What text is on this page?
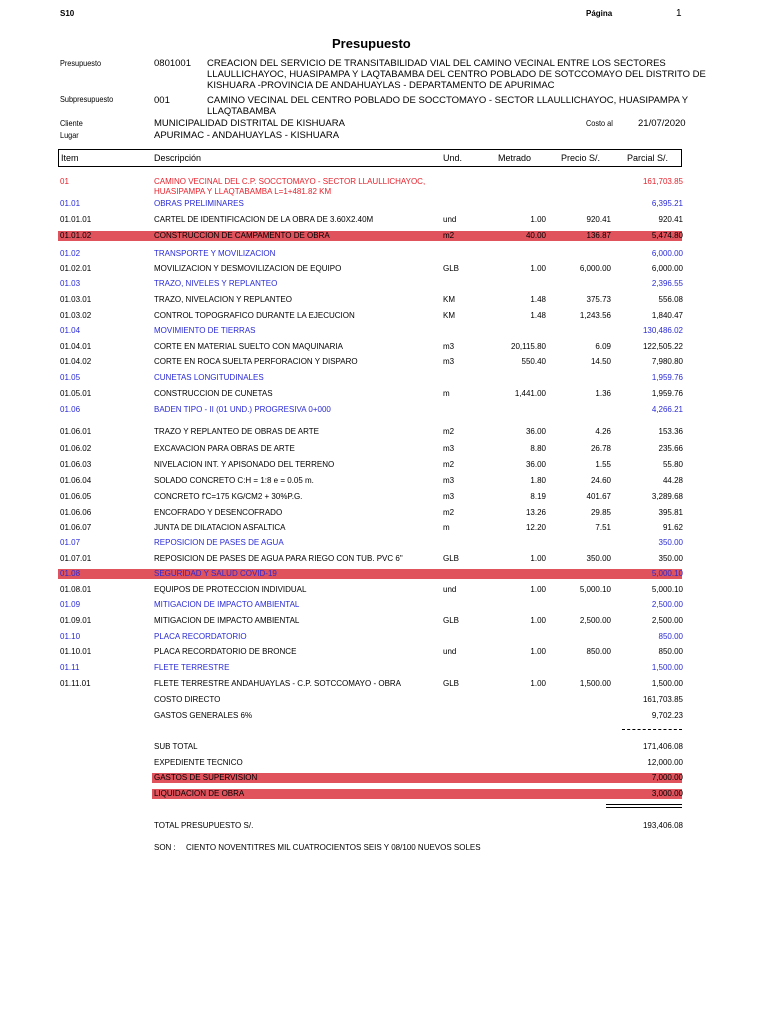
S10	Página	1
Presupuesto
Presupuesto	0801001 CREACION DEL SERVICIO DE TRANSITABILIDAD VIAL DEL CAMINO VECINAL ENTRE LOS SECTORES
LLAULLICHAYOC, HUASIPAMPA Y LAQTABAMBA DEL CENTRO POBLADO DE SOTCCOMAYO DEL DISTRITO DE
KISHUARA -PROVINCIA DE ANDAHUAYLAS - DEPARTAMENTO DE APURIMAC
Subpresupuesto	001	CAMINO VECINAL DEL CENTRO POBLADO DE SOCCTOMAYO - SECTOR LLAULLICHAYOC, HUASIPAMPA Y
LLAQTABAMBA
Cliente	MUNICIPALIDAD DISTRITAL DE KISHUARA	Costo al	21/07/2020
Lugar	APURIMAC - ANDAHUAYLAS - KISHUARA
Item	Descripción	Und.	Metrado	Precio S/.	Parcial S/.
01	CAMINO VECINAL DEL C.P. SOCCTOMAYO - SECTOR LLAULLICHAYOC,	161,703.85
HUASIPAMPA Y LLAQTABAMBA L=1+481.82 KM
01.01	OBRAS PRELIMINARES	6,395.21
01.01.01	CARTEL DE IDENTIFICACION DE LA OBRA DE 3.60X2.40M	und	1.00	920.41	920.41
01.01.02	CONSTRUCCION DE CAMPAMENTO DE OBRA	m2	40.00	136.87	5,474.80
01.02	TRANSPORTE Y MOVILIZACION	6,000.00
01.02.01	MOVILIZACION Y DESMOVILIZACION DE EQUIPO	GLB	1.00	6,000.00	6,000.00
01.03	TRAZO, NIVELES Y REPLANTEO	2,396.55
01.03.01	TRAZO, NIVELACION Y REPLANTEO	KM	1.48	375.73	556.08
01.03.02	CONTROL TOPOGRAFICO DURANTE LA EJECUCION	KM	1.48	1,243.56	1,840.47
01.04	MOVIMIENTO DE TIERRAS	130,486.02
01.04.01	CORTE EN MATERIAL SUELTO CON MAQUINARIA	m3	20,115.80	6.09	122,505.22
01.04.02	CORTE EN ROCA SUELTA PERFORACION Y DISPARO	m3	550.40	14.50	7,980.80
01.05	CUNETAS LONGITUDINALES	1,959.76
01.05.01	CONSTRUCCION DE CUNETAS	m	1,441.00	1.36	1,959.76
01.06	BADEN TIPO - II (01 UND.) PROGRESIVA 0+000	4,266.21
01.06.01	TRAZO Y REPLANTEO DE OBRAS DE ARTE	m2	36.00	4.26	153.36
01.06.02	EXCAVACION PARA OBRAS DE ARTE	m3	8.80	26.78	235.66
01.06.03	NIVELACION INT. Y APISONADO DEL TERRENO	m2	36.00	1.55	55.80
01.06.04	SOLADO CONCRETO C:H = 1:8 e = 0.05 m.	m3	1.80	24.60	44.28
01.06.05	CONCRETO f'C=175 KG/CM2 + 30%P.G.	m3	8.19	401.67	3,289.68
01.06.06	ENCOFRADO Y DESENCOFRADO	m2	13.26	29.85	395.81
01.06.07	JUNTA DE DILATACION ASFALTICA	m	12.20	7.51	91.62
01.07	REPOSICION DE PASES DE AGUA	350.00
01.07.01	REPOSICION DE PASES DE AGUA PARA RIEGO CON TUB. PVC 6"	GLB	1.00	350.00	350.00
01.08	SEGURIDAD Y SALUD COVID-19	5,000.10
01.08.01	EQUIPOS DE PROTECCION INDIVIDUAL	und	1.00	5,000.10	5,000.10
01.09	MITIGACION DE IMPACTO AMBIENTAL	2,500.00
01.09.01	MITIGACION DE IMPACTO AMBIENTAL	GLB	1.00	2,500.00	2,500.00
01.10	PLACA RECORDATORIO	850.00
01.10.01	PLACA RECORDATORIO DE BRONCE	und	1.00	850.00	850.00
01.11	FLETE TERRESTRE	1,500.00
01.11.01	FLETE TERRESTRE ANDAHUAYLAS - C.P. SOTCCOMAYO - OBRA	GLB	1.00	1,500.00	1,500.00
COSTO DIRECTO	161,703.85
GASTOS GENERALES 6%	9,702.23
SUB TOTAL	171,406.08
EXPEDIENTE TECNICO	12,000.00
GASTOS DE SUPERVISION	7,000.00
LIQUIDACION DE OBRA	3,000.00
TOTAL PRESUPUESTO S/.	193,406.08
SON : CIENTO NOVENTITRES MIL CUATROCIENTOS SEIS Y 08/100 NUEVOS SOLES
